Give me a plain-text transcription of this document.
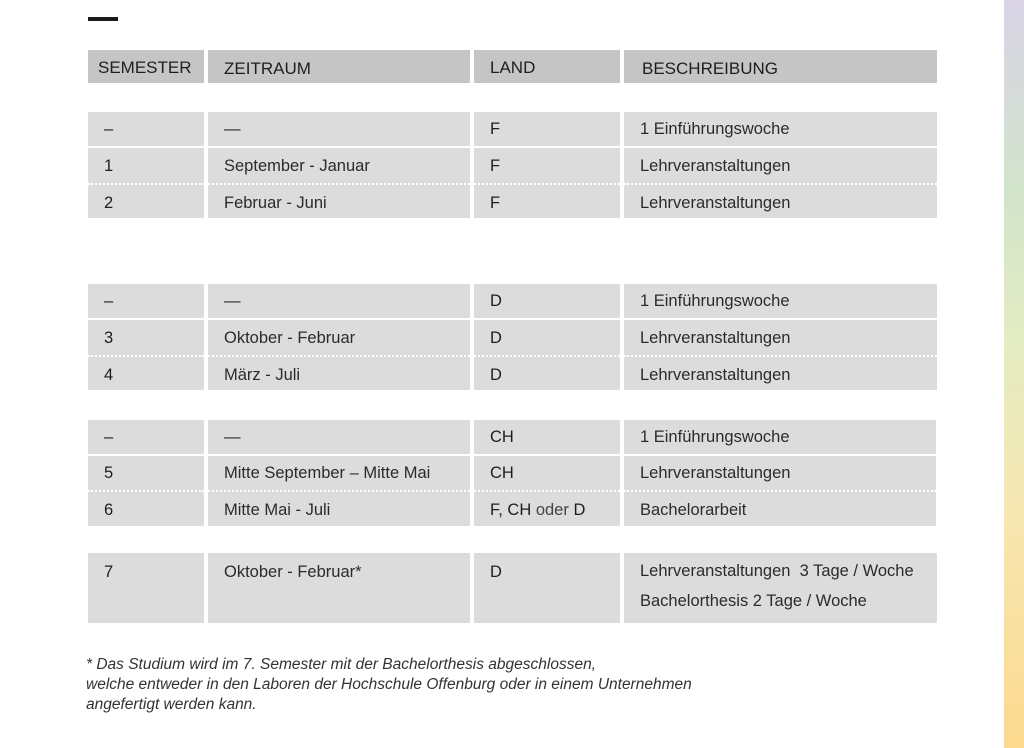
SEMESTER	ZEITRAUM	LAND	BESCHREIBUNG
–	—	F	1 Einführungswoche
1	September - Januar	F	Lehrveranstaltungen
2	Februar - Juni	F	Lehrveranstaltungen
–	—	D	1 Einführungswoche
3	Oktober - Februar	D	Lehrveranstaltungen
4	März - Juli	D	Lehrveranstaltungen
–	—	CH	1 Einführungswoche
5	Mitte September – Mitte Mai	CH	Lehrveranstaltungen
6	Mitte Mai - Juli	F, CH oder D	Bachelorarbeit
7	Oktober - Februar*	D	Lehrveranstaltungen  3 Tage / Woche
Bachelorthesis 2 Tage / Woche
* Das Studium wird im 7. Semester mit der Bachelorthesis abgeschlossen,
welche entweder in den Laboren der Hochschule Offenburg oder in einem Unternehmen
angefertigt werden kann.
